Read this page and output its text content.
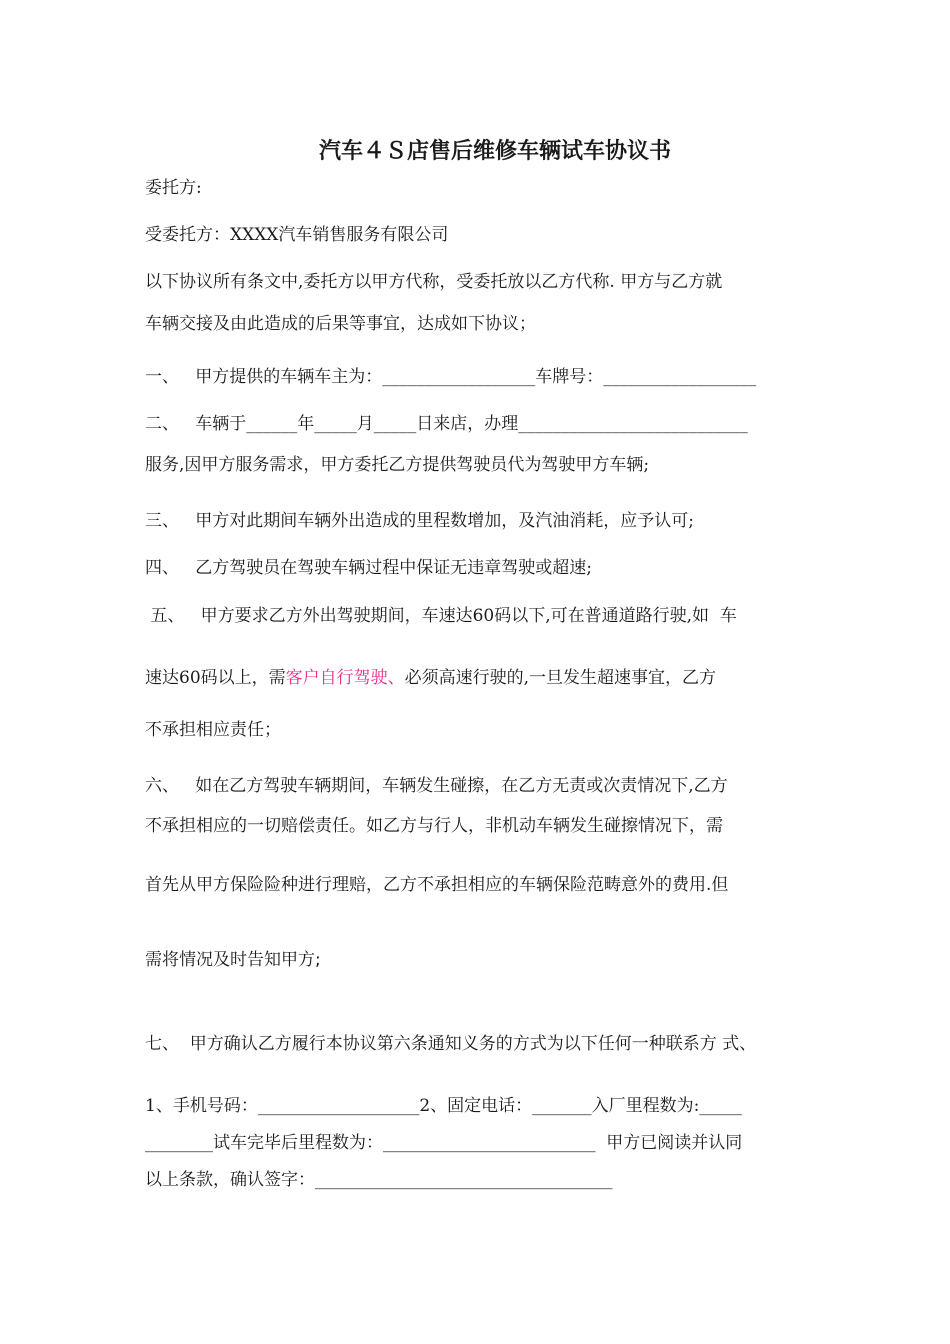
汽车４Ｓ店售后维修车辆试车协议书
委托方:
受委托方：XXXX汽车销售服务有限公司
以下协议所有条文中,委托方以甲方代称，受委托放以乙方代称. 甲方与乙方就
车辆交接及由此造成的后果等事宜，达成如下协议；
一、   甲方提供的车辆车主为：__________________车牌号：__________________
二、   车辆于______年_____月_____日来店，办理___________________________
服务,因甲方服务需求，甲方委托乙方提供驾驶员代为驾驶甲方车辆;
三、   甲方对此期间车辆外出造成的里程数增加，及汽油消耗，应予认可;
四、   乙方驾驶员在驾驶车辆过程中保证无违章驾驶或超速;
五、   甲方要求乙方外出驾驶期间，车速达60码以下,可在普通道路行驶,如  车
速达60码以上，需客户自行驾驶、必须高速行驶的,一旦发生超速事宜，乙方
不承担相应责任；
六、   如在乙方驾驶车辆期间，车辆发生碰擦，在乙方无责或次责情况下,乙方
不承担相应的一切赔偿责任。如乙方与行人，非机动车辆发生碰擦情况下，需
首先从甲方保险险种进行理赔，乙方不承担相应的车辆保险范畴意外的费用.但
需将情况及时告知甲方;
七、  甲方确认乙方履行本协议第六条通知义务的方式为以下任何一种联系方 式、
1、手机号码：___________________2、固定电话：_______入厂里程数为:_____
________试车完毕后里程数为：_________________________  甲方已阅读并认同
以上条款，确认签字：___________________________________
